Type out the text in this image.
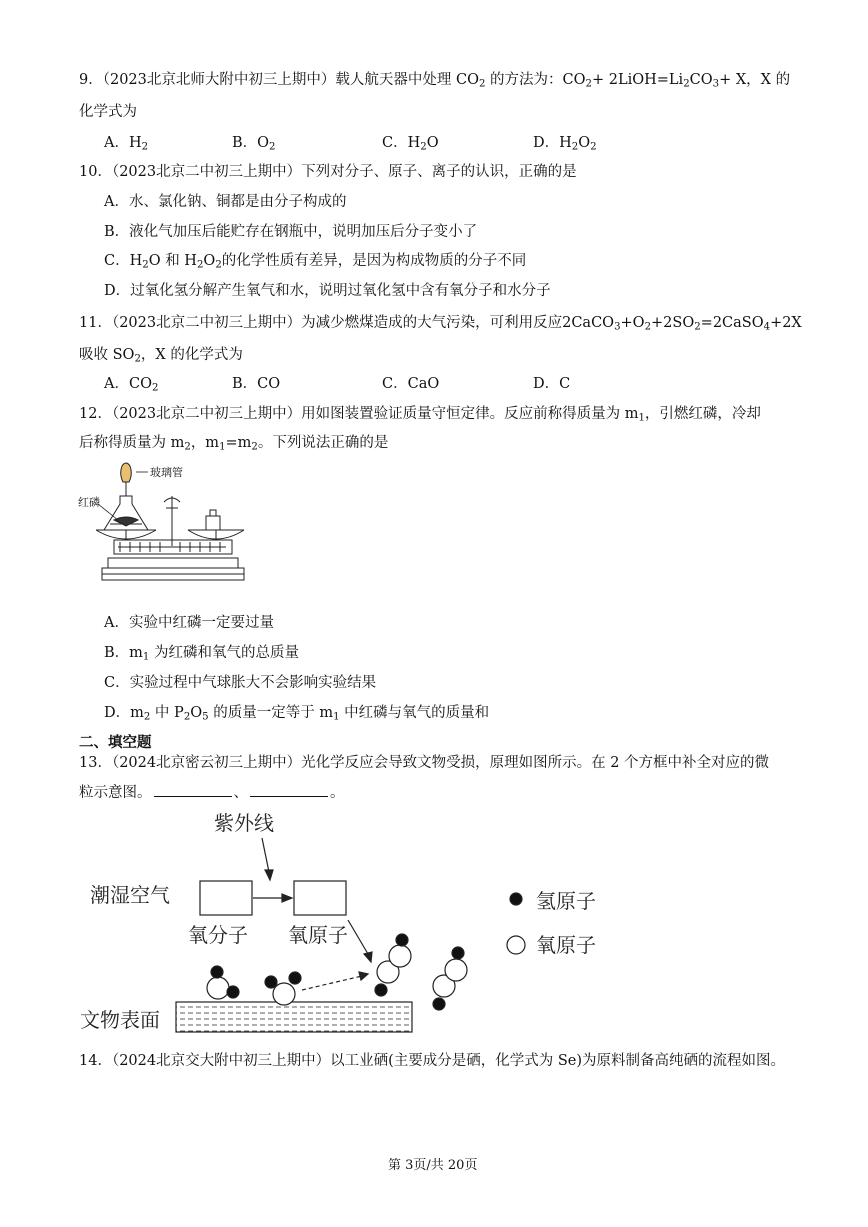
9．（2023北京北师大附中初三上期中）载人航天器中处理 $CO_2$ 的方法为：$CO_2+$ $2LiOH=Li_2CO_3+ X$，X 的
化学式为
A．$H_2$	B．$O_2$	C．$H_2O$	D．$H_2O_2$
10．（2023北京二中初三上期中）下列对分子、原子、离子的认识，正确的是
A．水、氯化钠、铜都是由分子构成的
B．液化气加压后能贮存在钢瓶中，说明加压后分子变小了
C．$H_2O$ 和 $H_2O_2$的化学性质有差异，是因为构成物质的分子不同
D．过氧化氢分解产生氧气和水，说明过氧化氢中含有氧分子和水分子
11．（2023北京二中初三上期中）为减少燃煤造成的大气污染，可利用反应$2CaCO_3+O_2+2SO_2=2CaSO_4+2X$
吸收 $SO_2$，X 的化学式为
A．$CO_2$	B．CO	C．CaO	D．C
12．（2023北京二中初三上期中）用如图装置验证质量守恒定律。反应前称得质量为 $m_1$，引燃红磷，冷却
后称得质量为 $m_2$，$m_1=m_2$。下列说法正确的是
玻璃管
红磷
A．实验中红磷一定要过量
B．$m_1$ 为红磷和氧气的总质量
C．实验过程中气球胀大不会影响实验结果
D．$m_2$ 中 $P_2O_5$ 的质量一定等于 $m_1$ 中红磷与氧气的质量和
二、填空题
13．（2024北京密云初三上期中）光化学反应会导致文物受损，原理如图所示。在 2 个方框中补全对应的微
粒示意图。	、	。
紫外线
潮湿空气
氧分子 氧原子
文物表面
氢原子
氧原子
14．（2024北京交大附中初三上期中）以工业硒(主要成分是硒，化学式为 Se)为原料制备高纯硒的流程如图。
第 3页/共 20页
